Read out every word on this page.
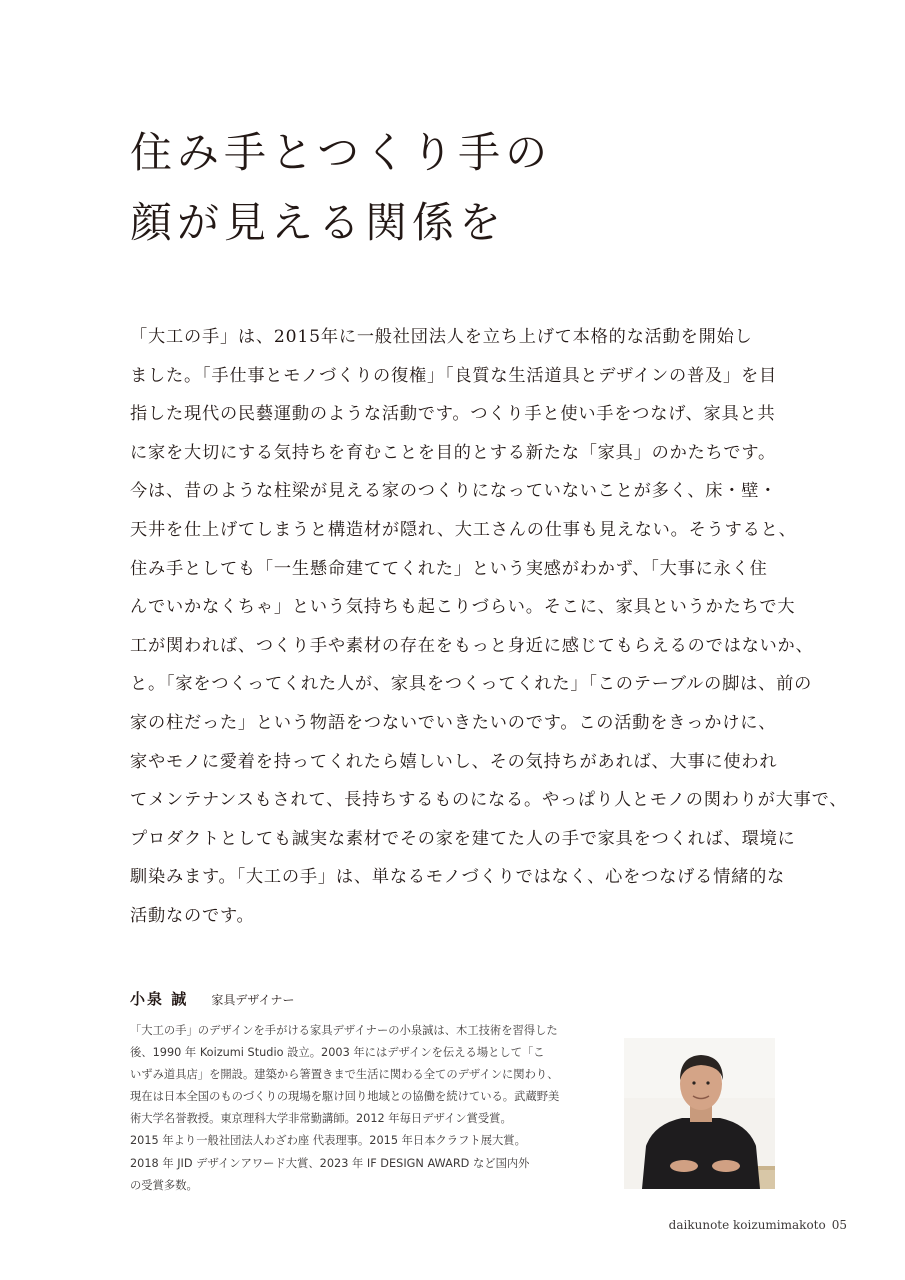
住み手とつくり手の
顔が見える関係を
「大工の手」は、2015年に一般社団法人を立ち上げて本格的な活動を開始し
ました。「手仕事とモノづくりの復権」「良質な生活道具とデザインの普及」を目
指した現代の民藝運動のような活動です。つくり手と使い手をつなげ、家具と共
に家を大切にする気持ちを育むことを目的とする新たな「家具」のかたちです。
今は、昔のような柱梁が見える家のつくりになっていないことが多く、床・壁・
天井を仕上げてしまうと構造材が隠れ、大工さんの仕事も見えない。そうすると、
住み手としても「一生懸命建ててくれた」という実感がわかず、「大事に永く住
んでいかなくちゃ」という気持ちも起こりづらい。そこに、家具というかたちで大
工が関われば、つくり手や素材の存在をもっと身近に感じてもらえるのではないか、
と。「家をつくってくれた人が、家具をつくってくれた」「このテーブルの脚は、前の
家の柱だった」という物語をつないでいきたいのです。この活動をきっかけに、
家やモノに愛着を持ってくれたら嬉しいし、その気持ちがあれば、大事に使われ
てメンテナンスもされて、長持ちするものになる。やっぱり人とモノの関わりが大事で、
プロダクトとしても誠実な素材でその家を建てた人の手で家具をつくれば、環境に
馴染みます。「大工の手」は、単なるモノづくりではなく、心をつなげる情緒的な
活動なのです。
小泉 誠 家具デザイナー
「大工の手」のデザインを手がける家具デザイナーの小泉誠は、木工技術を習得した
後、1990 年 Koizumi Studio 設立。2003 年にはデザインを伝える場として「こ
いずみ道具店」を開設。建築から箸置きまで生活に関わる全てのデザインに関わり、
現在は日本全国のものづくりの現場を駆け回り地域との協働を続けている。武蔵野美
術大学名誉教授。東京理科大学非常勤講師。2012 年毎日デザイン賞受賞。
2015 年より一般社団法人わざわ座 代表理事。2015 年日本クラフト展大賞。
2018 年 JID デザインアワード大賞、2023 年 IF DESIGN AWARD など国内外
の受賞多数。
daikunote koizumimakoto 05
